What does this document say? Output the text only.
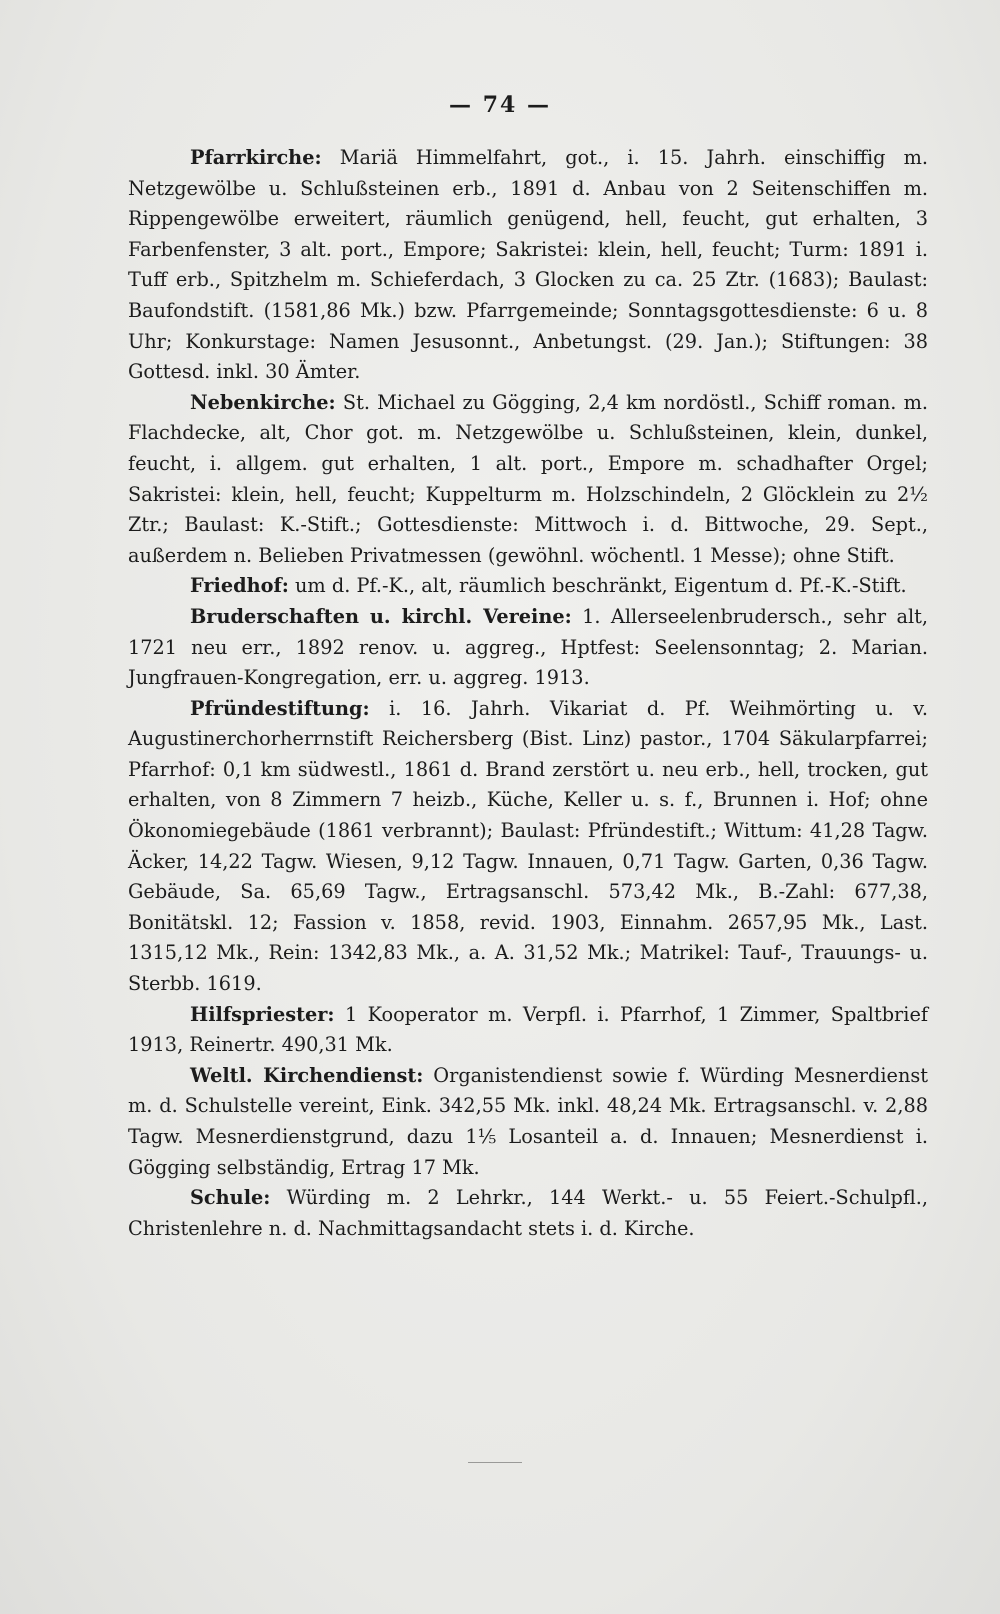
— 74 —

Pfarrkirche: Mariä Himmelfahrt, got., i. 15. Jahrh. einschiffig m. Netzgewölbe u. Schlußsteinen erb., 1891 d. Anbau von 2 Seitenschiffen m. Rippengewölbe erweitert, räumlich genügend, hell, feucht, gut erhalten, 3 Farbenfenster, 3 alt. port., Empore; Sakristei: klein, hell, feucht; Turm: 1891 i. Tuff erb., Spitzhelm m. Schieferdach, 3 Glocken zu ca. 25 Ztr. (1683); Baulast: Baufondstift. (1581,86 Mk.) bzw. Pfarrgemeinde; Sonntagsgottesdienste: 6 u. 8 Uhr; Konkurstage: Namen Jesusonnt., Anbetungst. (29. Jan.); Stiftungen: 38 Gottesd. inkl. 30 Ämter.

Nebenkirche: St. Michael zu Gögging, 2,4 km nordöstl., Schiff roman. m. Flachdecke, alt, Chor got. m. Netzgewölbe u. Schlußsteinen, klein, dunkel, feucht, i. allgem. gut erhalten, 1 alt. port., Empore m. schadhafter Orgel; Sakristei: klein, hell, feucht; Kuppelturm m. Holzschindeln, 2 Glöcklein zu 2½ Ztr.; Baulast: K.-Stift.; Gottesdienste: Mittwoch i. d. Bittwoche, 29. Sept., außerdem n. Belieben Privatmessen (gewöhnl. wöchentl. 1 Messe); ohne Stift.

Friedhof: um d. Pf.-K., alt, räumlich beschränkt, Eigentum d. Pf.-K.-Stift.

Bruderschaften u. kirchl. Vereine: 1. Allerseelenbrudersch., sehr alt, 1721 neu err., 1892 renov. u. aggreg., Hptfest: Seelensonntag; 2. Marian. Jungfrauen-Kongregation, err. u. aggreg. 1913.

Pfründestiftung: i. 16. Jahrh. Vikariat d. Pf. Weihmörting u. v. Augustinerchorherrnstift Reichersberg (Bist. Linz) pastor., 1704 Säkularpfarrei; Pfarrhof: 0,1 km südwestl., 1861 d. Brand zerstört u. neu erb., hell, trocken, gut erhalten, von 8 Zimmern 7 heizb., Küche, Keller u. s. f., Brunnen i. Hof; ohne Ökonomiegebäude (1861 verbrannt); Baulast: Pfründestift.; Wittum: 41,28 Tagw. Äcker, 14,22 Tagw. Wiesen, 9,12 Tagw. Innauen, 0,71 Tagw. Garten, 0,36 Tagw. Gebäude, Sa. 65,69 Tagw., Ertragsanschl. 573,42 Mk., B.-Zahl: 677,38, Bonitätskl. 12; Fassion v. 1858, revid. 1903, Einnahm. 2657,95 Mk., Last. 1315,12 Mk., Rein: 1342,83 Mk., a. A. 31,52 Mk.; Matrikel: Tauf-, Trauungs- u. Sterbb. 1619.

Hilfspriester: 1 Kooperator m. Verpfl. i. Pfarrhof, 1 Zimmer, Spaltbrief 1913, Reinertr. 490,31 Mk.

Weltl. Kirchendienst: Organistendienst sowie f. Würding Mesnerdienst m. d. Schulstelle vereint, Eink. 342,55 Mk. inkl. 48,24 Mk. Ertragsanschl. v. 2,88 Tagw. Mesnerdienstgrund, dazu 1⅕ Losanteil a. d. Innauen; Mesnerdienst i. Gögging selbständig, Ertrag 17 Mk.

Schule: Würding m. 2 Lehrkr., 144 Werkt.- u. 55 Feiert.-Schulpfl., Christenlehre n. d. Nachmittagsandacht stets i. d. Kirche.
